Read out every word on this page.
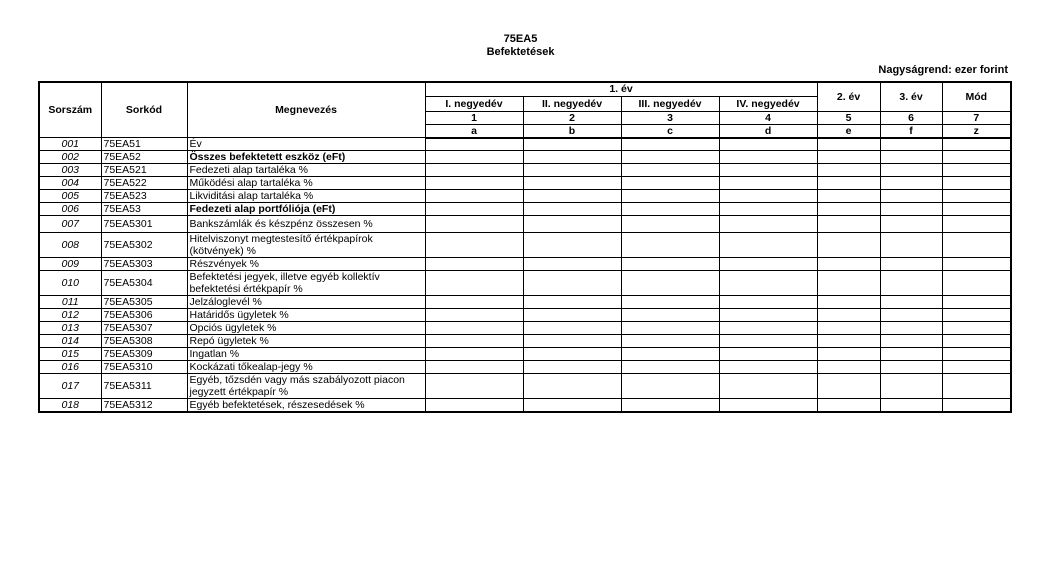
75EA5
Befektetések
Nagyságrend: ezer forint
Sorszám	Sorkód	Megnevezés	1. év				2. év	3. év	Mód
			I. negyedév	II. negyedév	III. negyedév	IV. negyedév			
			1	2	3	4	5	6	7
			a	b	c	d	e	f	z
001	75EA51	Év							
002	75EA52	Összes befektetett eszköz (eFt)							
003	75EA521	Fedezeti alap tartaléka %							
004	75EA522	Működési alap tartaléka %							
005	75EA523	Likviditási alap tartaléka %							
006	75EA53	Fedezeti alap portfóliója (eFt)							
007	75EA5301	Bankszámlák és készpénz összesen %							
008	75EA5302	Hitelviszonyt megtestesítő értékpapírok (kötvények) %							
009	75EA5303	Részvények %							
010	75EA5304	Befektetési jegyek, illetve egyéb kollektív befektetési értékpapír %							
011	75EA5305	Jelzáloglevél %							
012	75EA5306	Határidős ügyletek %							
013	75EA5307	Opciós ügyletek %							
014	75EA5308	Repó ügyletek %							
015	75EA5309	Ingatlan %							
016	75EA5310	Kockázati tőkealap-jegy %							
017	75EA5311	Egyéb, tőzsdén vagy más szabályozott piacon jegyzett értékpapír %							
018	75EA5312	Egyéb befektetések, részesedések %							
